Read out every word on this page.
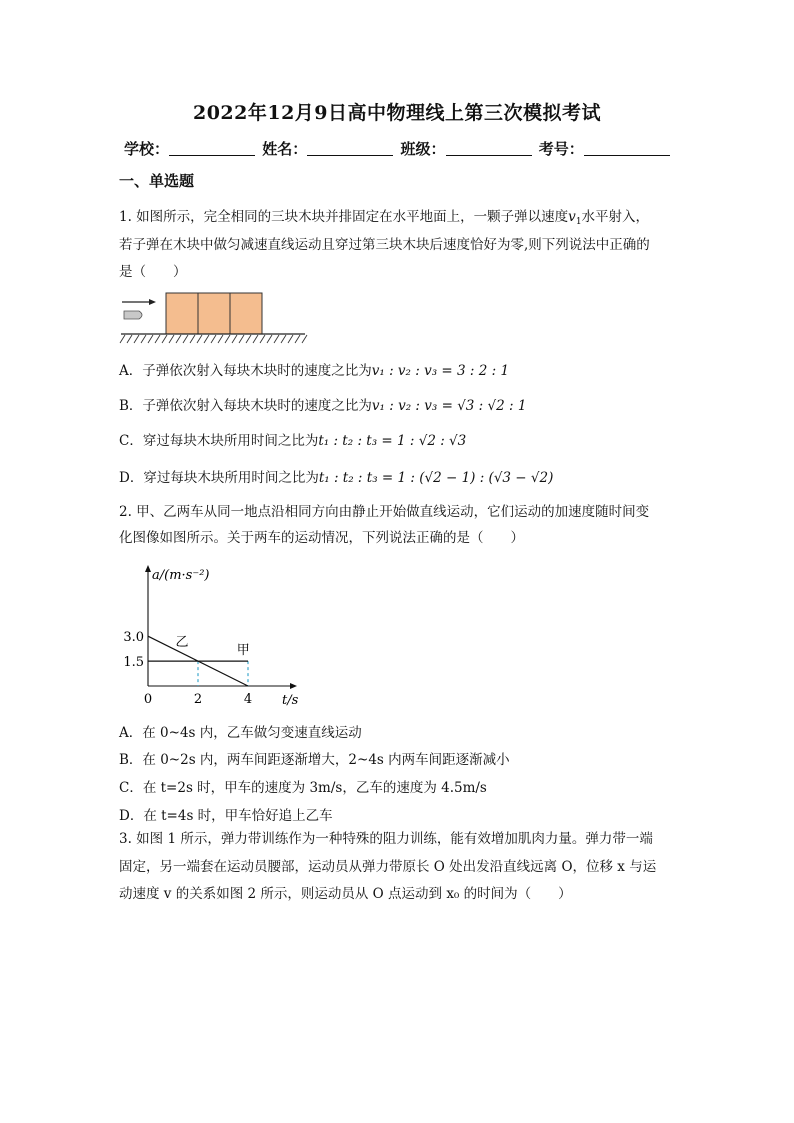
2022年12月9日高中物理线上第三次模拟考试
学校：	姓名：	班级：	考号：
一、单选题
1. 如图所示，完全相同的三块木块并排固定在水平地面上，一颗子弹以速度$v_1$水平射入，
若子弹在木块中做匀减速直线运动且穿过第三块木块后速度恰好为零,则下列说法中正确的
是（　　）
A．子弹依次射入每块木块时的速度之比为v₁ : v₂ : v₃ = 3 : 2 : 1
B．子弹依次射入每块木块时的速度之比为v₁ : v₂ : v₃ = √3 : √2 : 1
C．穿过每块木块所用时间之比为t₁ : t₂ : t₃ = 1 : √2 : √3
D．穿过每块木块所用时间之比为t₁ : t₂ : t₃ = 1 : (√2 − 1) : (√3 − √2)
2. 甲、乙两车从同一地点沿相同方向由静止开始做直线运动，它们运动的加速度随时间变
化图像如图所示。关于两车的运动情况，下列说法正确的是（　　）
a/(m·s⁻²)
t/s
甲
乙
1.5
3.0
0	2	4
A．在 0~4s 内，乙车做匀变速直线运动
B．在 0~2s 内，两车间距逐渐增大，2~4s 内两车间距逐渐减小
C．在 t=2s 时，甲车的速度为 3m/s，乙车的速度为 4.5m/s
D．在 t=4s 时，甲车恰好追上乙车
3. 如图 1 所示，弹力带训练作为一种特殊的阻力训练，能有效增加肌肉力量。弹力带一端
固定，另一端套在运动员腰部，运动员从弹力带原长 O 处出发沿直线远离 O，位移 x 与运
动速度 v 的关系如图 2 所示，则运动员从 O 点运动到 x₀ 的时间为（　　）
